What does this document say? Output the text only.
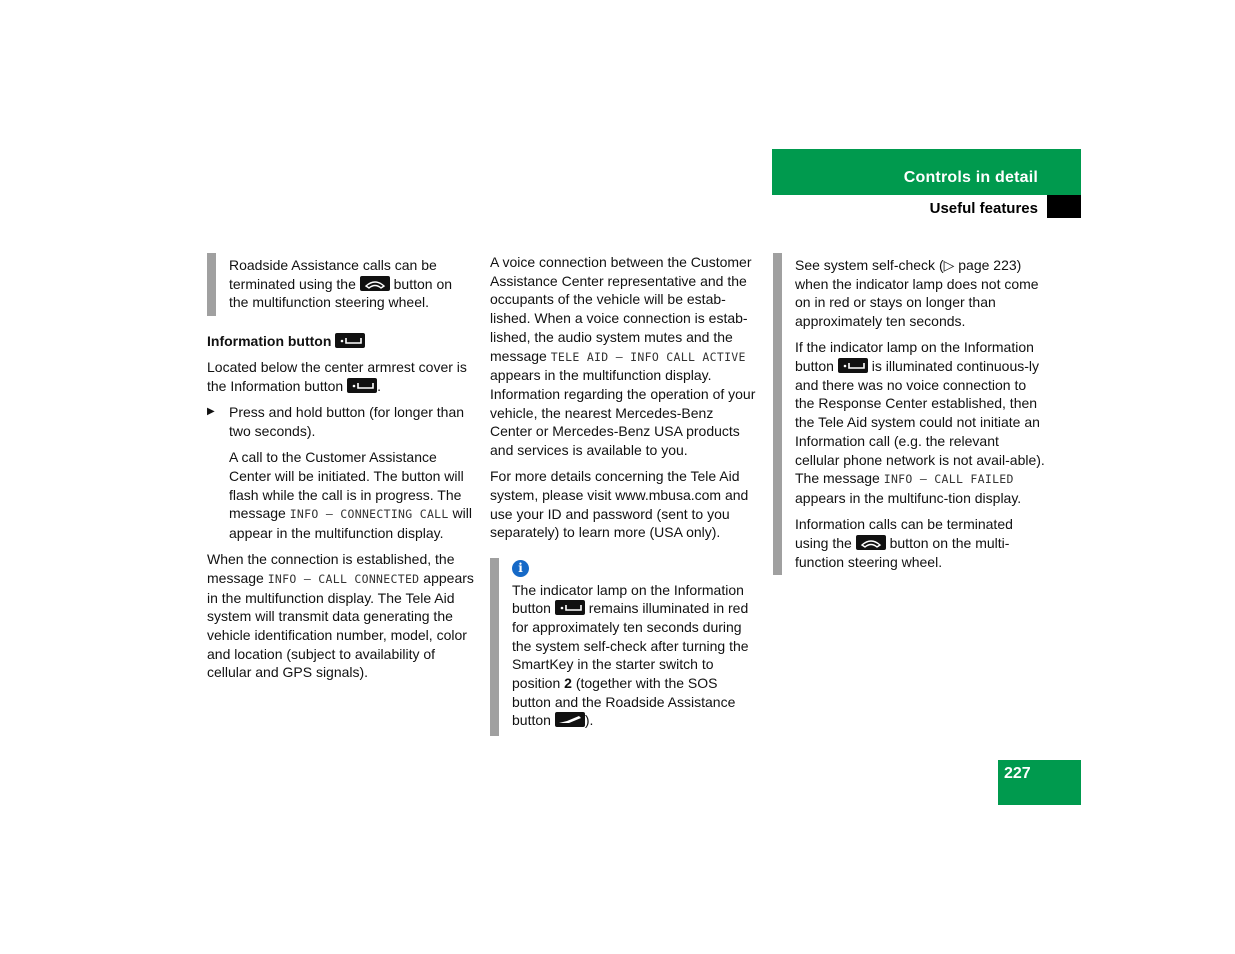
Controls in detail
Useful features

Roadside Assistance calls can be terminated using the	button on the multifunction steering wheel.

Information button

Located below the center armrest cover is the Information button .

▶ Press and hold button (for longer than two seconds).

A call to the Customer Assistance Center will be initiated. The button will flash while the call is in progress. The message INFO – CONNECTING CALL will appear in the multifunction display.

When the connection is established, the message INFO – CALL CONNECTED appears in the multifunction display. The Tele Aid system will transmit data generating the vehicle identification number, model, color and location (subject to availability of cellular and GPS signals).

A voice connection between the Customer Assistance Center representative and the occupants of the vehicle will be estab-lished. When a voice connection is estab-lished, the audio system mutes and the message TELE AID – INFO CALL ACTIVE appears in the multifunction display. Information regarding the operation of your vehicle, the nearest Mercedes-Benz Center or Mercedes-Benz USA products and services is available to you.

For more details concerning the Tele Aid system, please visit www.mbusa.com and use your ID and password (sent to you separately) to learn more (USA only).

i

The indicator lamp on the Information button	remains illuminated in red for approximately ten seconds during the system self-check after turning the SmartKey in the starter switch to position 2 (together with the SOS button and the Roadside Assistance button ).

See system self-check (▷ page 223) when the indicator lamp does not come on in red or stays on longer than approximately ten seconds.

If the indicator lamp on the Information button	is illuminated continuous-ly and there was no voice connection to the Response Center established, then the Tele Aid system could not initiate an Information call (e.g. the relevant cellular phone network is not avail-able). The message INFO – CALL FAILED appears in the multifunc-tion display.

Information calls can be terminated using the	button on the multi-function steering wheel.

227
